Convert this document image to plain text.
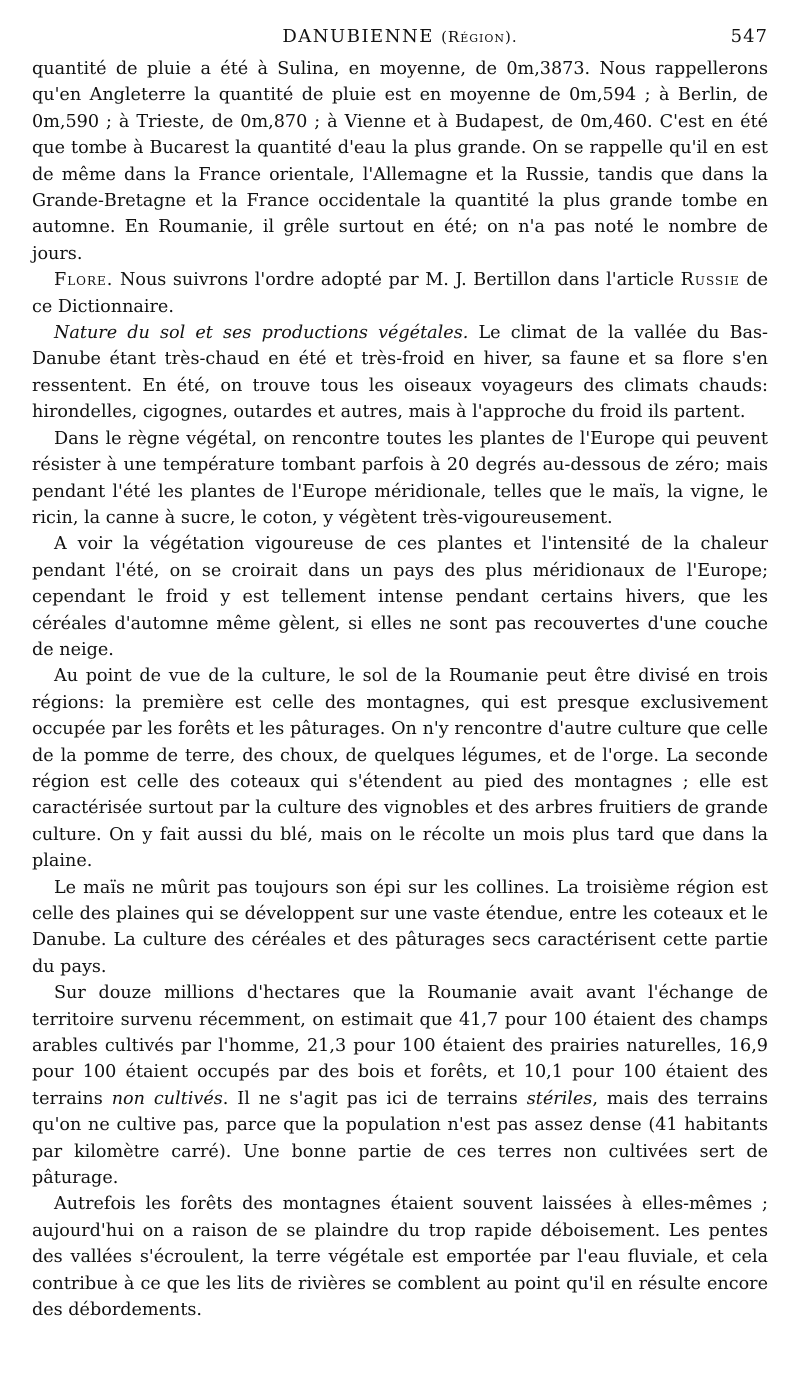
DANUBIENNE (Région).	547

quantité de pluie a été à Sulina, en moyenne, de 0m,3873. Nous rappellerons qu'en Angleterre la quantité de pluie est en moyenne de 0m,594 ; à Berlin, de 0m,590 ; à Trieste, de 0m,870 ; à Vienne et à Budapest, de 0m,460. C'est en été que tombe à Bucarest la quantité d'eau la plus grande. On se rappelle qu'il en est de même dans la France orientale, l'Allemagne et la Russie, tandis que dans la Grande-Bretagne et la France occidentale la quantité la plus grande tombe en automne. En Roumanie, il grêle surtout en été; on n'a pas noté le nombre de jours.

Flore. Nous suivrons l'ordre adopté par M. J. Bertillon dans l'article Russie de ce Dictionnaire.

Nature du sol et ses productions végétales. Le climat de la vallée du Bas-Danube étant très-chaud en été et très-froid en hiver, sa faune et sa flore s'en ressentent. En été, on trouve tous les oiseaux voyageurs des climats chauds: hirondelles, cigognes, outardes et autres, mais à l'approche du froid ils partent.

Dans le règne végétal, on rencontre toutes les plantes de l'Europe qui peuvent résister à une température tombant parfois à 20 degrés au-dessous de zéro; mais pendant l'été les plantes de l'Europe méridionale, telles que le maïs, la vigne, le ricin, la canne à sucre, le coton, y végètent très-vigoureusement.

A voir la végétation vigoureuse de ces plantes et l'intensité de la chaleur pendant l'été, on se croirait dans un pays des plus méridionaux de l'Europe; cependant le froid y est tellement intense pendant certains hivers, que les céréales d'automne même gèlent, si elles ne sont pas recouvertes d'une couche de neige.

Au point de vue de la culture, le sol de la Roumanie peut être divisé en trois régions: la première est celle des montagnes, qui est presque exclusivement occupée par les forêts et les pâturages. On n'y rencontre d'autre culture que celle de la pomme de terre, des choux, de quelques légumes, et de l'orge. La seconde région est celle des coteaux qui s'étendent au pied des montagnes ; elle est caractérisée surtout par la culture des vignobles et des arbres fruitiers de grande culture. On y fait aussi du blé, mais on le récolte un mois plus tard que dans la plaine.

Le maïs ne mûrit pas toujours son épi sur les collines. La troisième région est celle des plaines qui se développent sur une vaste étendue, entre les coteaux et le Danube. La culture des céréales et des pâturages secs caractérisent cette partie du pays.

Sur douze millions d'hectares que la Roumanie avait avant l'échange de territoire survenu récemment, on estimait que 41,7 pour 100 étaient des champs arables cultivés par l'homme, 21,3 pour 100 étaient des prairies naturelles, 16,9 pour 100 étaient occupés par des bois et forêts, et 10,1 pour 100 étaient des terrains non cultivés. Il ne s'agit pas ici de terrains stériles, mais des terrains qu'on ne cultive pas, parce que la population n'est pas assez dense (41 habitants par kilomètre carré). Une bonne partie de ces terres non cultivées sert de pâturage.

Autrefois les forêts des montagnes étaient souvent laissées à elles-mêmes ; aujourd'hui on a raison de se plaindre du trop rapide déboisement. Les pentes des vallées s'écroulent, la terre végétale est emportée par l'eau fluviale, et cela contribue à ce que les lits de rivières se comblent au point qu'il en résulte encore des débordements.
